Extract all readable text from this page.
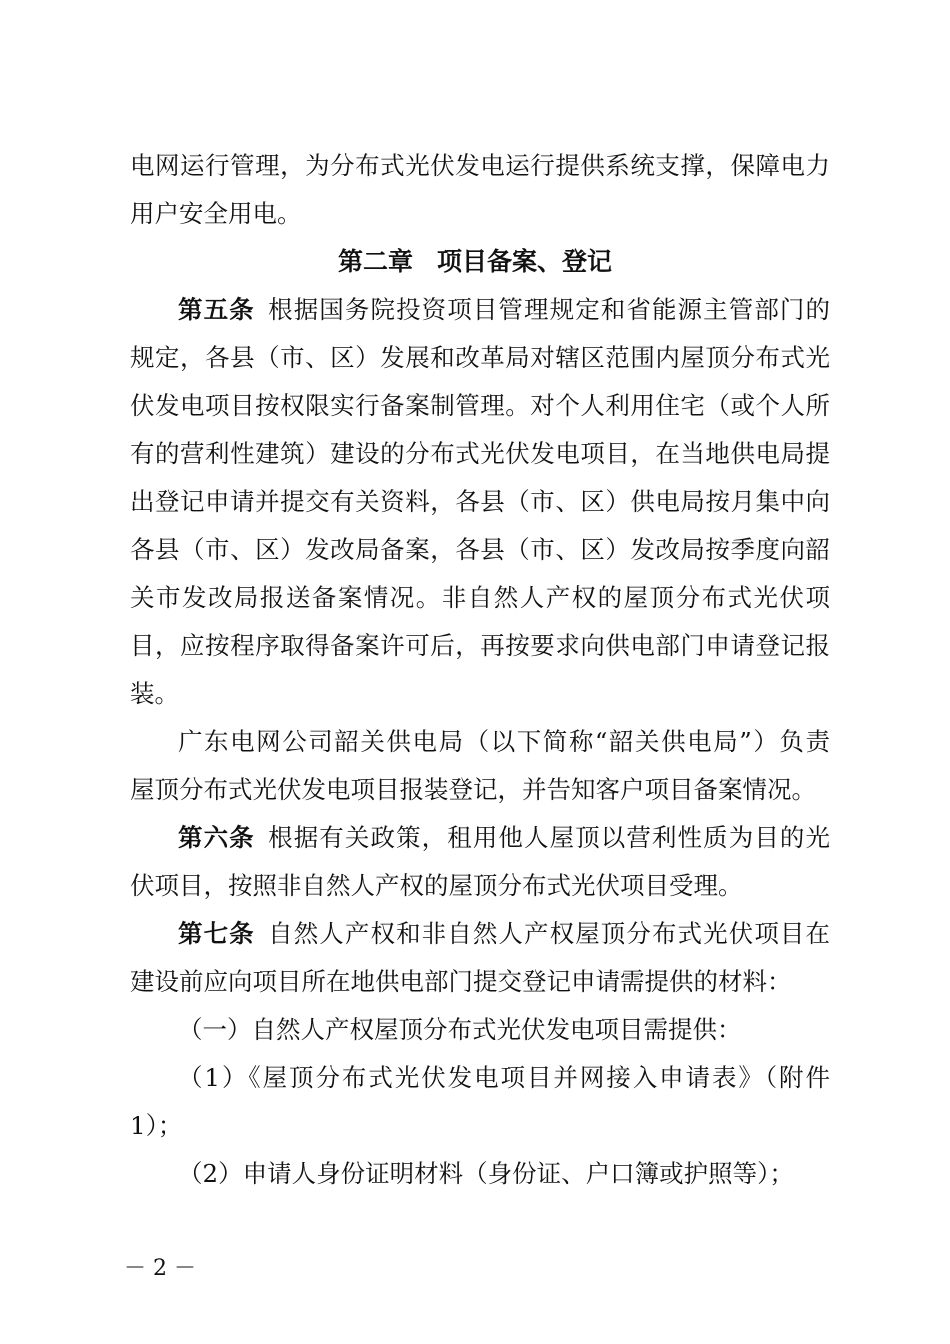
电网运行管理，为分布式光伏发电运行提供系统支撑，保障电力
用户安全用电。
第二章 项目备案、登记
第五条  根据国务院投资项目管理规定和省能源主管部门的
规定，各县（市、区）发展和改革局对辖区范围内屋顶分布式光
伏发电项目按权限实行备案制管理。对个人利用住宅（或个人所
有的营利性建筑）建设的分布式光伏发电项目，在当地供电局提
出登记申请并提交有关资料，各县（市、区）供电局按月集中向
各县（市、区）发改局备案，各县（市、区）发改局按季度向韶
关市发改局报送备案情况。非自然人产权的屋顶分布式光伏项
目，应按程序取得备案许可后，再按要求向供电部门申请登记报
装。
广东电网公司韶关供电局（以下简称“韶关供电局”）负责
屋顶分布式光伏发电项目报装登记，并告知客户项目备案情况。
第六条  根据有关政策，租用他人屋顶以营利性质为目的光
伏项目，按照非自然人产权的屋顶分布式光伏项目受理。
第七条  自然人产权和非自然人产权屋顶分布式光伏项目在
建设前应向项目所在地供电部门提交登记申请需提供的材料：
（一）自然人产权屋顶分布式光伏发电项目需提供：
（1）《屋顶分布式光伏发电项目并网接入申请表》（附件
1）；
（2）申请人身份证明材料（身份证、户口簿或护照等）；
－ 2 －
